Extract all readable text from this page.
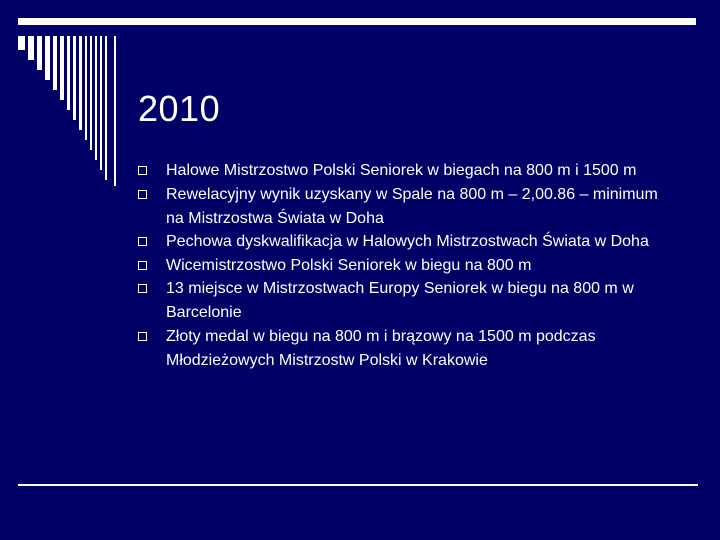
2010
Halowe Mistrzostwo Polski Seniorek w biegach na 800 m i 1500 m
Rewelacyjny wynik uzyskany w Spale na 800 m – 2,00.86 – minimum na Mistrzostwa Świata w Doha
Pechowa dyskwalifikacja w Halowych Mistrzostwach Świata w Doha
Wicemistrzostwo Polski Seniorek w biegu na 800 m
13 miejsce w Mistrzostwach Europy Seniorek w biegu na 800 m w Barcelonie
Złoty medal w biegu na 800 m i brązowy na 1500 m podczas Młodzieżowych Mistrzostw Polski w Krakowie
